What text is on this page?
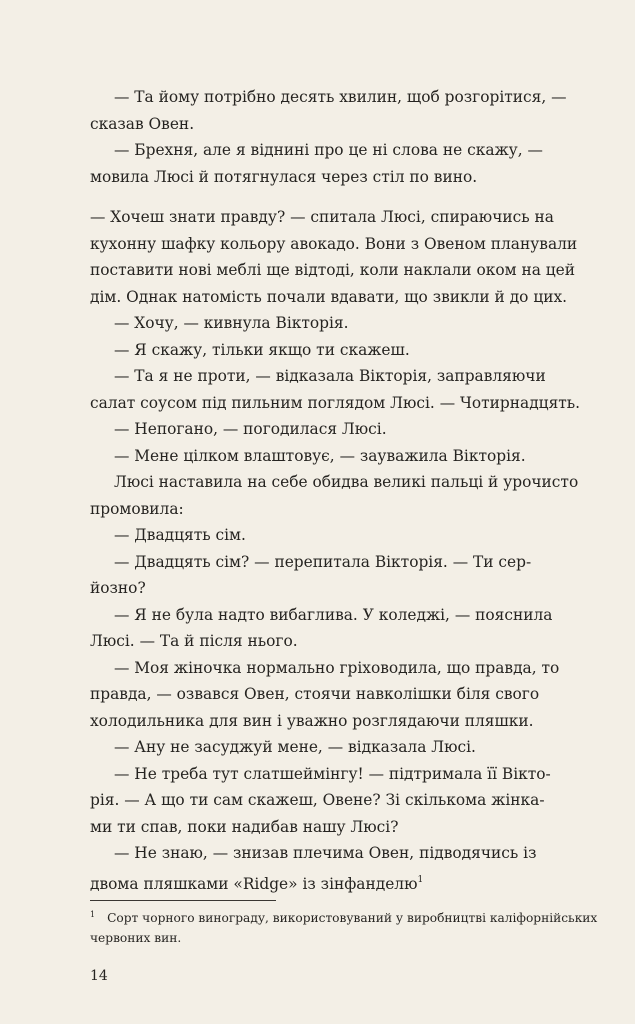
— Та йому потрібно десять хвилин, щоб розгорітися, —

сказав Овен.

— Брехня, але я віднині про це ні слова не скажу, —

мовила Люсі й потягнулася через стіл по вино.

— Хочеш знати правду? — спитала Люсі, спираючись на

кухонну шафку кольору авокадо. Вони з Овеном планували

поставити нові меблі ще відтоді, коли наклали оком на цей

дім. Однак натомість почали вдавати, що звикли й до цих.

— Хочу, — кивнула Вікторія.

— Я скажу, тільки якщо ти скажеш.

— Та я не проти, — відказала Вікторія, заправляючи

салат соусом під пильним поглядом Люсі. — Чотирнадцять.

— Непогано, — погодилася Люсі.

— Мене цілком влаштовує, — зауважила Вікторія.

Люсі наставила на себе обидва великі пальці й урочисто

промовила:

— Двадцять сім.

— Двадцять сім? — перепитала Вікторія. — Ти сер-

йозно?

— Я не була надто вибаглива. У коледжі, — пояснила

Люсі. — Та й після нього.

— Моя жіночка нормально гріховодила, що правда, то

правда, — озвався Овен, стоячи навколішки біля свого

холодильника для вин і уважно розглядаючи пляшки.

— Ану не засуджуй мене, — відказала Люсі.

— Не треба тут слатшеймінгу! — підтримала її Вікто-

рія. — А що ти сам скажеш, Овене? Зі скількома жінка-

ми ти спав, поки надибав нашу Люсі?

— Не знаю, — знизав плечима Овен, підводячись із

двома пляшками «Ridge» із зінфанделю$^1$

$^1$ Сорт чорного винограду, використовуваний у виробництві каліфорнійських
червоних вин.
14
